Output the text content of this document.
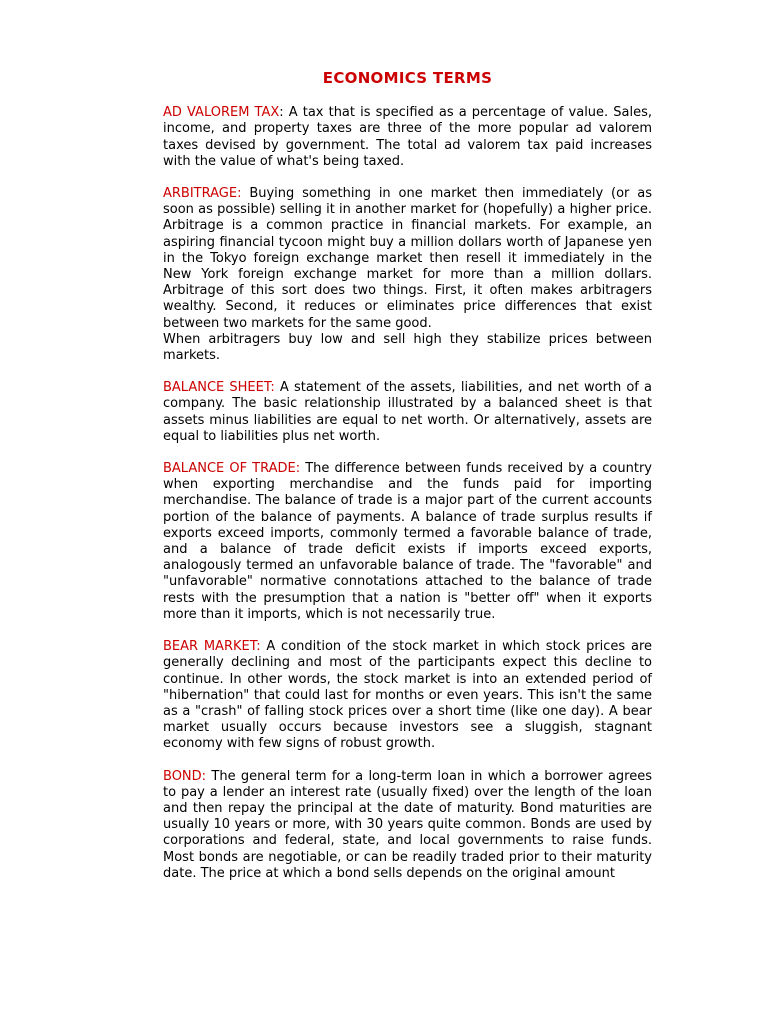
ECONOMICS TERMS

AD VALOREM TAX: A tax that is specified as a percentage of value. Sales, income, and property taxes are three of the more popular ad valorem taxes devised by government. The total ad valorem tax paid increases with the value of what's being taxed.

ARBITRAGE: Buying something in one market then immediately (or as soon as possible) selling it in another market for (hopefully) a higher price. Arbitrage is a common practice in financial markets. For example, an aspiring financial tycoon might buy a million dollars worth of Japanese yen in the Tokyo foreign exchange market then resell it immediately in the New York foreign exchange market for more than a million dollars. Arbitrage of this sort does two things. First, it often makes arbitragers wealthy. Second, it reduces or eliminates price differences that exist between two markets for the same good.

When arbitragers buy low and sell high they stabilize prices between markets.

BALANCE SHEET: A statement of the assets, liabilities, and net worth of a company. The basic relationship illustrated by a balanced sheet is that assets minus liabilities are equal to net worth. Or alternatively, assets are equal to liabilities plus net worth.

BALANCE OF TRADE: The difference between funds received by a country when exporting merchandise and the funds paid for importing merchandise. The balance of trade is a major part of the current accounts portion of the balance of payments. A balance of trade surplus results if exports exceed imports, commonly termed a favorable balance of trade, and a balance of trade deficit exists if imports exceed exports, analogously termed an unfavorable balance of trade. The "favorable" and "unfavorable" normative connotations attached to the balance of trade rests with the presumption that a nation is "better off" when it exports more than it imports, which is not necessarily true.

BEAR MARKET: A condition of the stock market in which stock prices are generally declining and most of the participants expect this decline to continue. In other words, the stock market is into an extended period of "hibernation" that could last for months or even years. This isn't the same as a "crash" of falling stock prices over a short time (like one day). A bear market usually occurs because investors see a sluggish, stagnant economy with few signs of robust growth.

BOND: The general term for a long-term loan in which a borrower agrees to pay a lender an interest rate (usually fixed) over the length of the loan and then repay the principal at the date of maturity. Bond maturities are usually 10 years or more, with 30 years quite common. Bonds are used by corporations and federal, state, and local governments to raise funds. Most bonds are negotiable, or can be readily traded prior to their maturity date. The price at which a bond sells depends on the original amount
